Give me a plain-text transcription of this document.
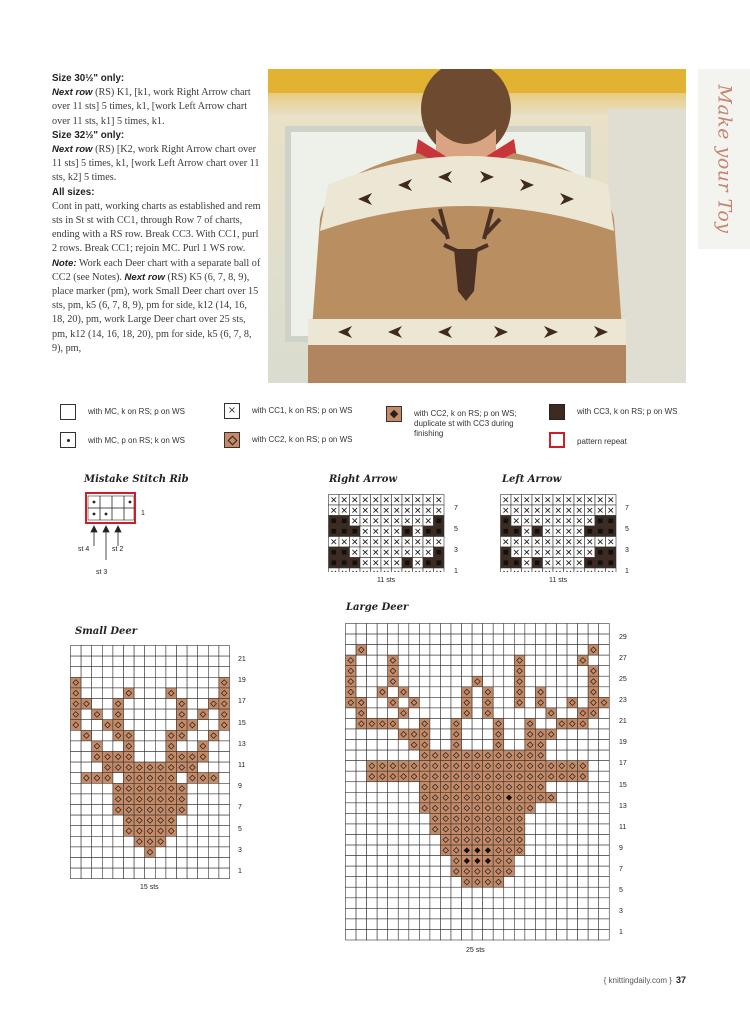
Size 30½" only:

Next row (RS) K1, [k1, work Right Arrow chart over 11 sts] 5 times, k1, [work Left Arrow chart over 11 sts, k1] 5 times, k1.

Size 32½" only:

Next row (RS) [K2, work Right Arrow chart over 11 sts] 5 times, k1, [work Left Arrow chart over 11 sts, k2] 5 times.

All sizes:

Cont in patt, working charts as established and rem sts in St st with CC1, through Row 7 of charts, ending with a RS row. Break CC3. With CC1, purl 2 rows. Break CC1; rejoin MC. Purl 1 WS row. Note: Work each Deer chart with a separate ball of CC2 (see Notes). Next row (RS) K5 (6, 7, 8, 9), place marker (pm), work Small Deer chart over 15 sts, pm, k5 (6, 7, 8, 9), pm for side, k12 (14, 16, 18, 20), pm, work Large Deer chart over 25 sts, pm, k12 (14, 16, 18, 20), pm for side, k5 (6, 7, 8, 9), pm,

Make your Toy
with MC, k on RS; p on WS
with MC, p on RS; k on WS
×	with CC1, k on RS; p on WS
with CC2, k on RS; p on WS
with CC2, k on RS; p on WS; duplicate st with CC3 during finishing
with CC3, k on RS; p on WS
pattern repeat
Mistake Stitch Rib
1
st 4	st 2
st 3
Right Arrow
7
5
3
1
11 sts
Left Arrow
7
5
3
1
11 sts
Small Deer
21
19
17
15
13
11
9
7
5
3
1
15 sts
Large Deer
29
27
25
23
21
19
17
15
13
11
9
7
5
3
1
25 sts
{ knittingdaily.com } 37
